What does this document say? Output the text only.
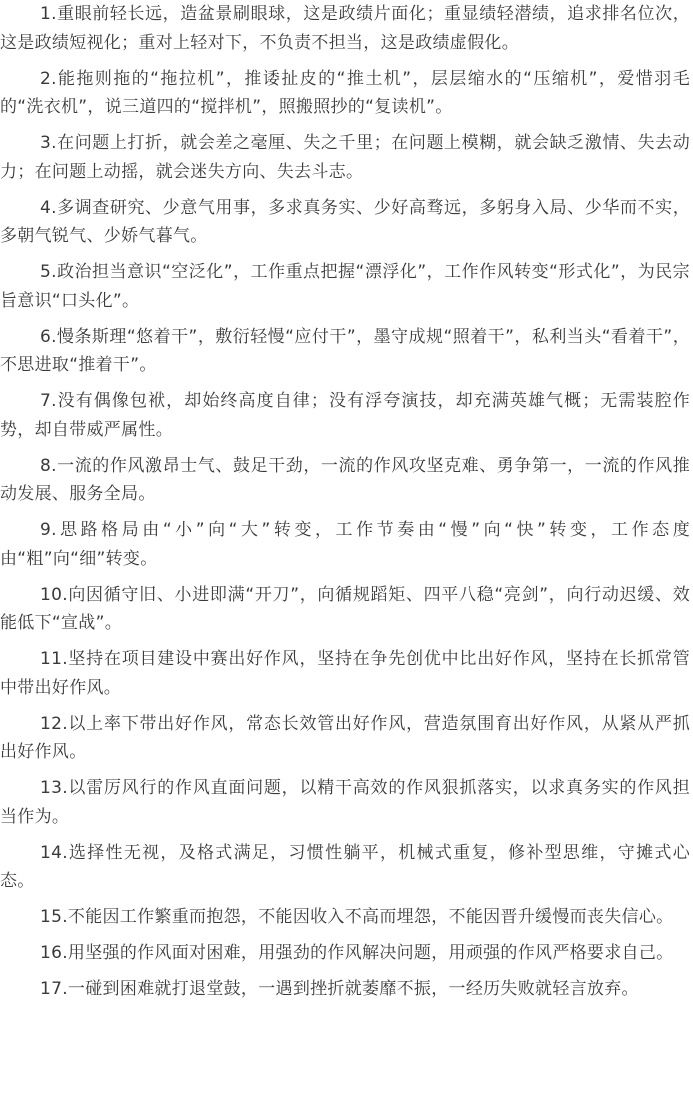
1.重眼前轻长远，造盆景刷眼球，这是政绩片面化；重显绩轻潜绩，追求排名位次，这是政绩短视化；重对上轻对下，不负责不担当，这是政绩虚假化。

2.能拖则拖的“拖拉机”，推诿扯皮的“推土机”，层层缩水的“压缩机”，爱惜羽毛的“洗衣机”，说三道四的“搅拌机”，照搬照抄的“复读机”。

3.在问题上打折，就会差之毫厘、失之千里；在问题上模糊，就会缺乏激情、失去动力；在问题上动摇，就会迷失方向、失去斗志。

4.多调查研究、少意气用事，多求真务实、少好高骛远，多躬身入局、少华而不实，多朝气锐气、少娇气暮气。

5.政治担当意识“空泛化”，工作重点把握“漂浮化”，工作作风转变“形式化”，为民宗旨意识“口头化”。

6.慢条斯理“悠着干”，敷衍轻慢“应付干”，墨守成规“照着干”，私利当头“看着干”，不思进取“推着干”。

7.没有偶像包袱，却始终高度自律；没有浮夸演技，却充满英雄气概；无需装腔作势，却自带威严属性。

8.一流的作风激昂士气、鼓足干劲，一流的作风攻坚克难、勇争第一，一流的作风推动发展、服务全局。

9.思路格局由“小”向“大”转变，工作节奏由“慢”向“快”转变，工作态度由“粗”向“细”转变。

10.向因循守旧、小进即满“开刀”，向循规蹈矩、四平八稳“亮剑”，向行动迟缓、效能低下“宣战”。

11.坚持在项目建设中赛出好作风，坚持在争先创优中比出好作风，坚持在长抓常管中带出好作风。

12.以上率下带出好作风，常态长效管出好作风，营造氛围育出好作风，从紧从严抓出好作风。

13.以雷厉风行的作风直面问题，以精干高效的作风狠抓落实，以求真务实的作风担当作为。

14.选择性无视，及格式满足，习惯性躺平，机械式重复，修补型思维，守摊式心态。

15.不能因工作繁重而抱怨，不能因收入不高而埋怨，不能因晋升缓慢而丧失信心。

16.用坚强的作风面对困难，用强劲的作风解决问题，用顽强的作风严格要求自己。

17.一碰到困难就打退堂鼓，一遇到挫折就萎靡不振，一经历失败就轻言放弃。
